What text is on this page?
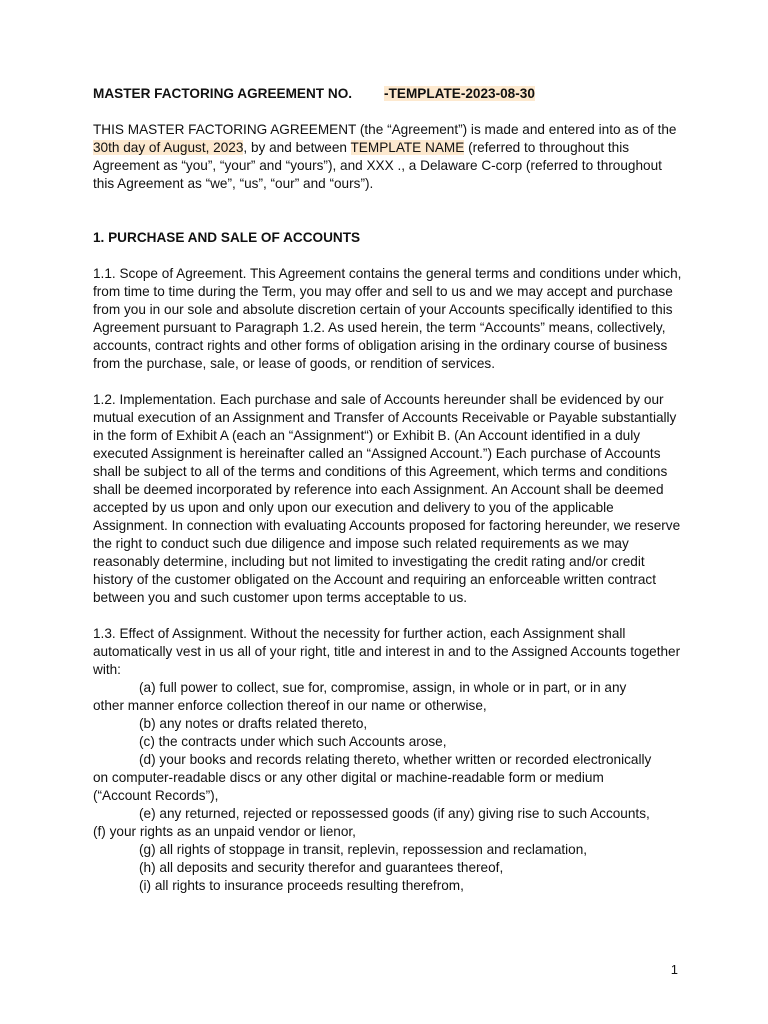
MASTER FACTORING AGREEMENT NO. -TEMPLATE-2023-08-30

THIS MASTER FACTORING AGREEMENT (the “Agreement”) is made and entered into as of the 30th day of August, 2023, by and between TEMPLATE NAME (referred to throughout this Agreement as “you”, “your” and “yours”), and XXX ., a Delaware C-corp (referred to throughout this Agreement as “we”, “us”, “our” and “ours”).

1. PURCHASE AND SALE OF ACCOUNTS

1.1. Scope of Agreement. This Agreement contains the general terms and conditions under which, from time to time during the Term, you may offer and sell to us and we may accept and purchase from you in our sole and absolute discretion certain of your Accounts specifically identified to this Agreement pursuant to Paragraph 1.2. As used herein, the term “Accounts” means, collectively, accounts, contract rights and other forms of obligation arising in the ordinary course of business from the purchase, sale, or lease of goods, or rendition of services.

1.2. Implementation. Each purchase and sale of Accounts hereunder shall be evidenced by our mutual execution of an Assignment and Transfer of Accounts Receivable or Payable substantially in the form of Exhibit A (each an “Assignment“) or Exhibit B. (An Account identified in a duly executed Assignment is hereinafter called an “Assigned Account.”) Each purchase of Accounts shall be subject to all of the terms and conditions of this Agreement, which terms and conditions shall be deemed incorporated by reference into each Assignment. An Account shall be deemed accepted by us upon and only upon our execution and delivery to you of the applicable Assignment. In connection with evaluating Accounts proposed for factoring hereunder, we reserve the right to conduct such due diligence and impose such related requirements as we may reasonably determine, including but not limited to investigating the credit rating and/or credit history of the customer obligated on the Account and requiring an enforceable written contract between you and such customer upon terms acceptable to us.

1.3. Effect of Assignment. Without the necessity for further action, each Assignment shall automatically vest in us all of your right, title and interest in and to the Assigned Accounts together with:

(a) full power to collect, sue for, compromise, assign, in whole or in part, or in any
other manner enforce collection thereof in our name or otherwise,
(b) any notes or drafts related thereto,
(c) the contracts under which such Accounts arose,
(d) your books and records relating thereto, whether written or recorded electronically
on computer-readable discs or any other digital or machine-readable form or medium
(“Account Records”),
(e) any returned, rejected or repossessed goods (if any) giving rise to such Accounts,
(f) your rights as an unpaid vendor or lienor,
(g) all rights of stoppage in transit, replevin, repossession and reclamation,
(h) all deposits and security therefor and guarantees thereof,
(i) all rights to insurance proceeds resulting therefrom,
1
